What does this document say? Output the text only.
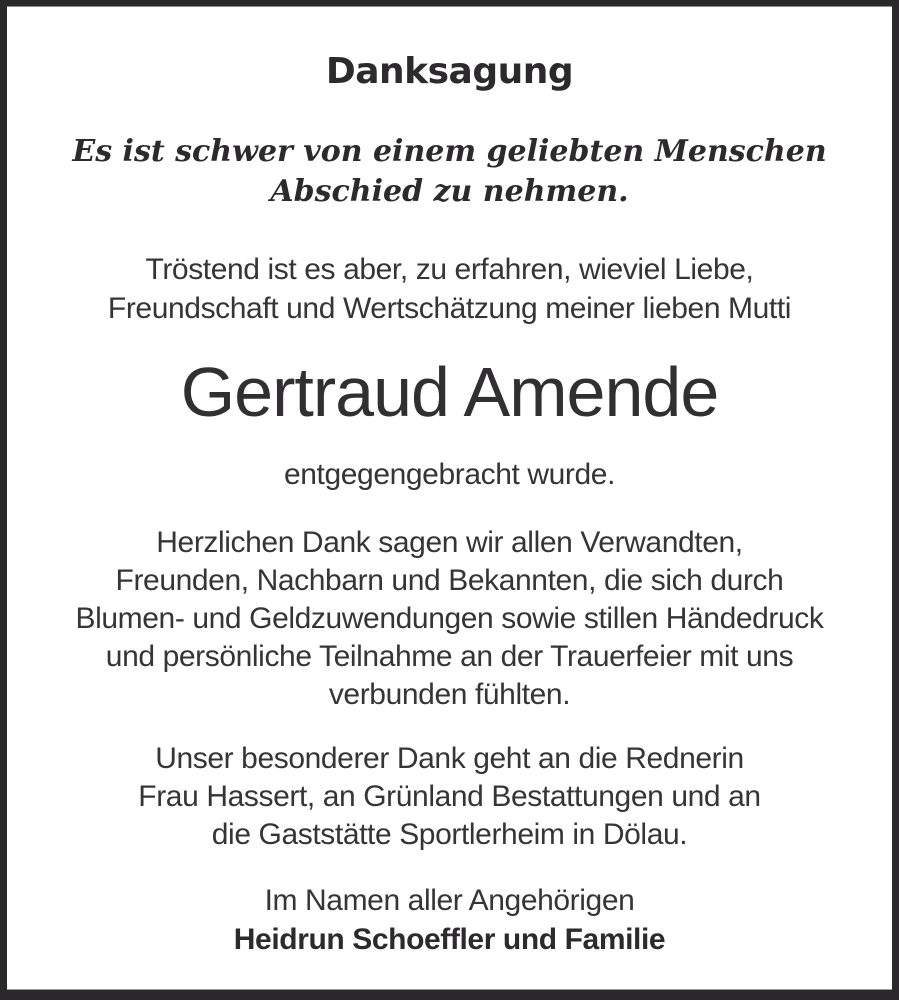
Danksagung
Es ist schwer von einem geliebten Menschen
Abschied zu nehmen.
Tröstend ist es aber, zu erfahren, wieviel Liebe,
Freundschaft und Wertschätzung meiner lieben Mutti
Gertraud Amende
entgegengebracht wurde.
Herzlichen Dank sagen wir allen Verwandten,
Freunden, Nachbarn und Bekannten, die sich durch
Blumen- und Geldzuwendungen sowie stillen Händedruck
und persönliche Teilnahme an der Trauerfeier mit uns
verbunden fühlten.
Unser besonderer Dank geht an die Rednerin
Frau Hassert, an Grünland Bestattungen und an
die Gaststätte Sportlerheim in Dölau.
Im Namen aller Angehörigen
Heidrun Schoeffler und Familie
